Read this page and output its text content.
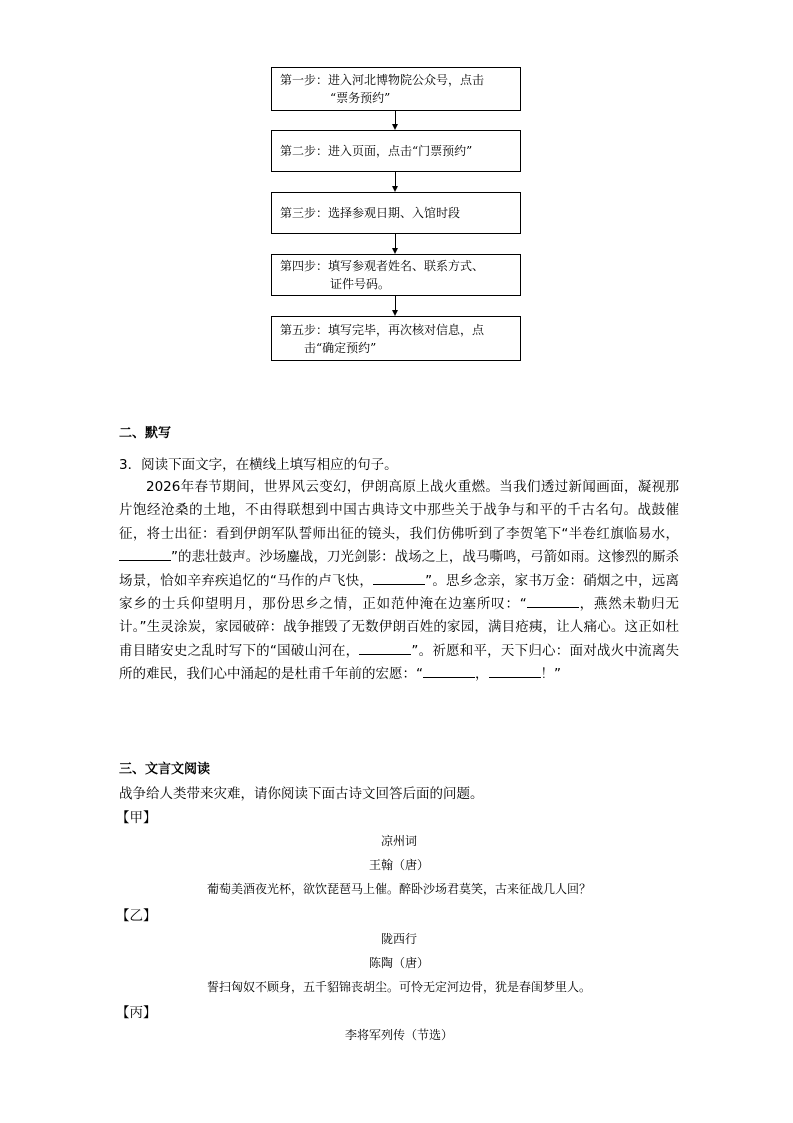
第一步：进入河北博物院公众号，点击
“票务预约”
第二步：进入页面，点击“门票预约”
第三步：选择参观日期、入馆时段
第四步：填写参观者姓名、联系方式、
证件号码。
第五步：填写完毕，再次核对信息，点
击“确定预约”
二、默写
3．阅读下面文字，在横线上填写相应的句子。

2026年春节期间，世界风云变幻，伊朗高原上战火重燃。当我们透过新闻画面，凝视那片饱经沧桑的土地，不由得联想到中国古典诗文中那些关于战争与和平的千古名句。战鼓催征，将士出征：看到伊朗军队誓师出征的镜头，我们仿佛听到了李贺笔下“半卷红旗临易水，”的悲壮鼓声。沙场鏖战，刀光剑影：战场之上，战马嘶鸣，弓箭如雨。这惨烈的厮杀场景，恰如辛弃疾追忆的“马作的卢飞快，	”。思乡念亲，家书万金：硝烟之中，远离家乡的士兵仰望明月，那份思乡之情，正如范仲淹在边塞所叹：“	，燕然未勒归无计。”生灵涂炭，家园破碎：战争摧毁了无数伊朗百姓的家园，满目疮痍，让人痛心。这正如杜甫目睹安史之乱时写下的“国破山河在，	”。祈愿和平，天下归心：面对战火中流离失所的难民，我们心中涌起的是杜甫千年前的宏愿：“	，	！”

三、文言文阅读
战争给人类带来灾难，请你阅读下面古诗文回答后面的问题。
【甲】
凉州词
王翰（唐）
葡萄美酒夜光杯，欲饮琵琶马上催。醉卧沙场君莫笑，古来征战几人回？
【乙】
陇西行
陈陶（唐）
誓扫匈奴不顾身，五千貂锦丧胡尘。可怜无定河边骨，犹是春闺梦里人。
【丙】
李将军列传（节选）
